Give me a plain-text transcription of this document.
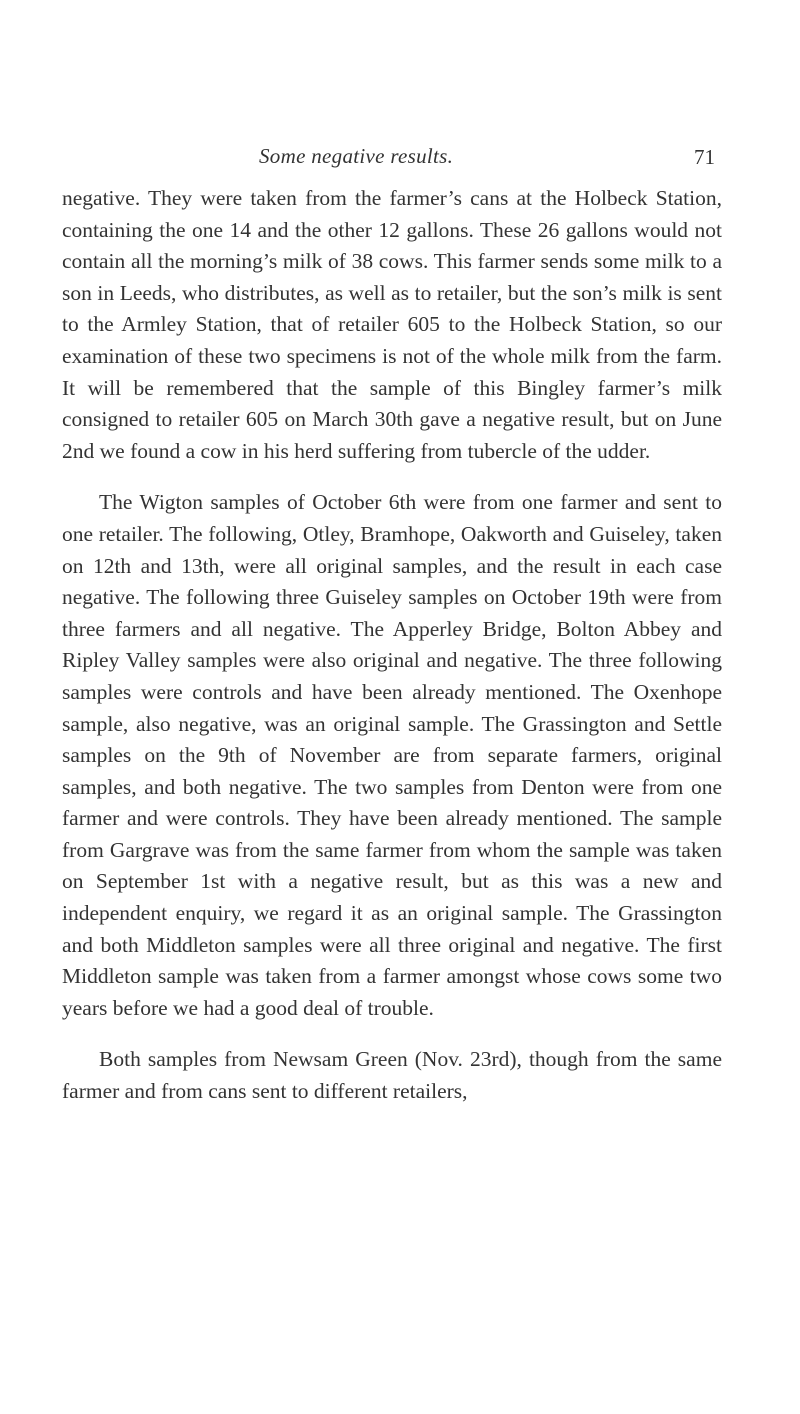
Some negative results.	71

negative. They were taken from the farmer’s cans at the Holbeck Station, containing the one 14 and the other 12 gallons. These 26 gallons would not contain all the morning’s milk of 38 cows. This farmer sends some milk to a son in Leeds, who distributes, as well as to retailer, but the son’s milk is sent to the Armley Station, that of retailer 605 to the Holbeck Station, so our examination of these two specimens is not of the whole milk from the farm. It will be remembered that the sample of this Bingley farmer’s milk consigned to retailer 605 on March 30th gave a negative result, but on June 2nd we found a cow in his herd suffering from tubercle of the udder.

The Wigton samples of October 6th were from one farmer and sent to one retailer. The following, Otley, Bramhope, Oakworth and Guiseley, taken on 12th and 13th, were all original samples, and the result in each case negative. The following three Guiseley samples on October 19th were from three farmers and all negative. The Apperley Bridge, Bolton Abbey and Ripley Valley samples were also original and negative. The three following samples were controls and have been already mentioned. The Oxenhope sample, also negative, was an original sample. The Grassington and Settle samples on the 9th of November are from separate farmers, original samples, and both negative. The two samples from Denton were from one farmer and were controls. They have been already mentioned. The sample from Gargrave was from the same farmer from whom the sample was taken on September 1st with a negative result, but as this was a new and independent enquiry, we regard it as an original sample. The Grassington and both Middleton samples were all three original and negative. The first Middleton sample was taken from a farmer amongst whose cows some two years before we had a good deal of trouble.

Both samples from Newsam Green (Nov. 23rd), though from the same farmer and from cans sent to different retailers,
